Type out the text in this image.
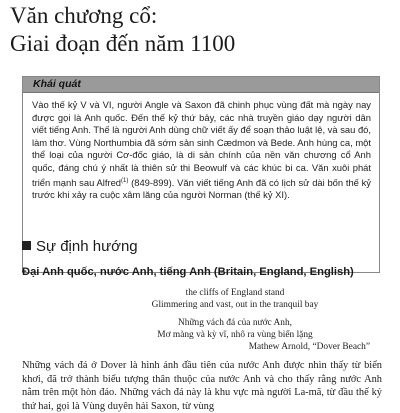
Văn chương cổ:
Giai đoạn đến năm 1100
Khái quát
Vào thế kỷ V và VI, người Angle và Saxon đã chinh phục vùng đất mà ngày nay được gọi là Anh quốc. Đến thế kỷ thứ bảy, các nhà truyền giáo dạy người dân viết tiếng Anh. Thế là người Anh dùng chữ viết ấy để soạn thảo luật lệ, và sau đó, làm thơ. Vùng Northumbia đã sớm sản sinh Cædmon và Bede. Anh hùng ca, một thể loại của người Cơ-đốc giáo, là di sản chính của nền văn chương cổ Anh quốc, đáng chú ý nhất là thiên sử thi Beowulf và các khúc bi ca. Văn xuôi phát triển mạnh sau Alfred$^{(1)}$ (849-899). Văn viết tiếng Anh đã có lịch sử dài bốn thế kỷ trước khi xảy ra cuộc xâm lăng của người Norman (thế kỷ XI).
Sự định hướng
Đại Anh quốc, nước Anh, tiếng Anh (Britain, England, English)
the cliffs of England stand
Glimmering and vast, out in the tranquil bay
Những vách đá của nước Anh,
Mơ màng và kỳ vĩ, nhô ra vùng biển lặng
Mathew Arnold, “Dover Beach”
Những vách đá ở Dover là hình ảnh đầu tiên của nước Anh được nhìn thấy từ biển khơi, đã trở thành biểu tượng thân thuộc của nước Anh và cho thấy rằng nước Anh nằm trên một hòn đảo. Những vách đá này là khu vực mà người La-mã, từ đầu thế kỷ thứ hai, gọi là Vùng duyên hải Saxon, từ vùng
